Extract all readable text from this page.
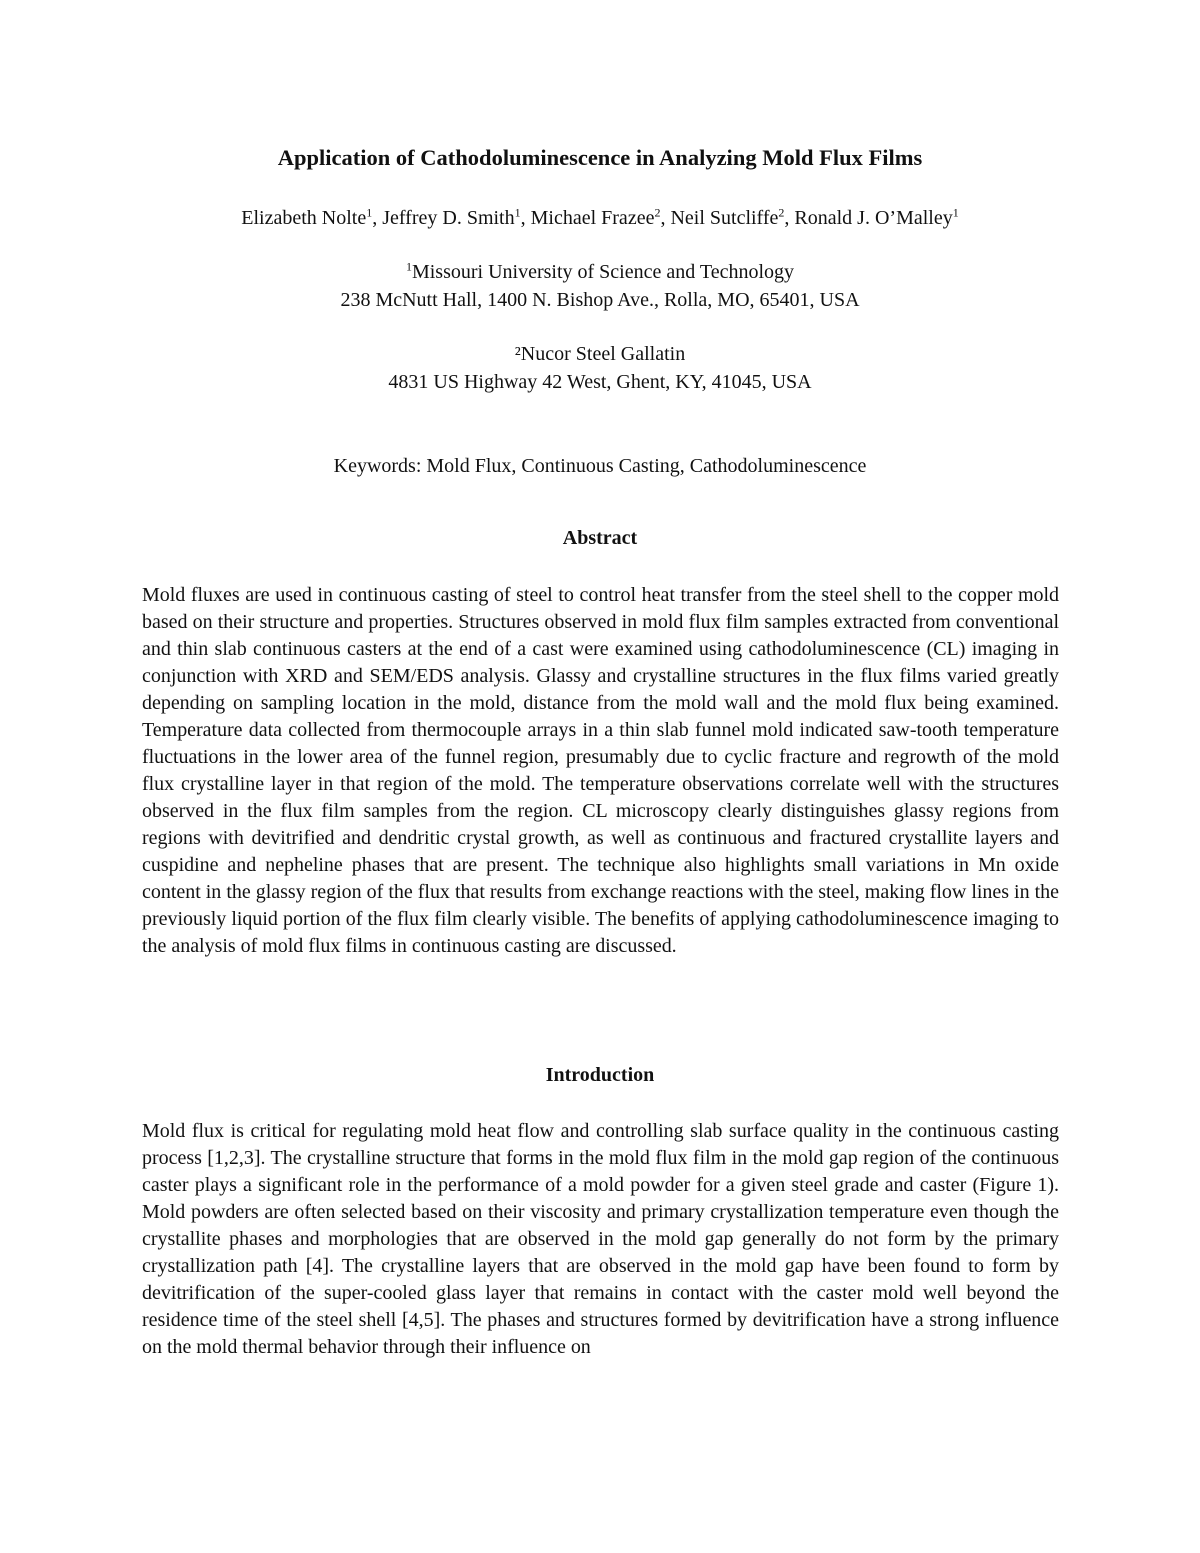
Application of Cathodoluminescence in Analyzing Mold Flux Films

Elizabeth Nolte$^1$, Jeffrey D. Smith$^1$, Michael Frazee$^2$, Neil Sutcliffe$^2$, Ronald J. O’Malley$^1$

$^1$Missouri University of Science and Technology
238 McNutt Hall, 1400 N. Bishop Ave., Rolla, MO, 65401, USA
²Nucor Steel Gallatin
4831 US Highway 42 West, Ghent, KY, 41045, USA

Keywords: Mold Flux, Continuous Casting, Cathodoluminescence

Abstract

Mold fluxes are used in continuous casting of steel to control heat transfer from the steel shell to the copper mold based on their structure and properties. Structures observed in mold flux film samples extracted from conventional and thin slab continuous casters at the end of a cast were examined using cathodoluminescence (CL) imaging in conjunction with XRD and SEM/EDS analysis. Glassy and crystalline structures in the flux films varied greatly depending on sampling location in the mold, distance from the mold wall and the mold flux being examined. Temperature data collected from thermocouple arrays in a thin slab funnel mold indicated saw-tooth temperature fluctuations in the lower area of the funnel region, presumably due to cyclic fracture and regrowth of the mold flux crystalline layer in that region of the mold. The temperature observations correlate well with the structures observed in the flux film samples from the region. CL microscopy clearly distinguishes glassy regions from regions with devitrified and dendritic crystal growth, as well as continuous and fractured crystallite layers and cuspidine and nepheline phases that are present. The technique also highlights small variations in Mn oxide content in the glassy region of the flux that results from exchange reactions with the steel, making flow lines in the previously liquid portion of the flux film clearly visible. The benefits of applying cathodoluminescence imaging to the analysis of mold flux films in continuous casting are discussed.

Introduction

Mold flux is critical for regulating mold heat flow and controlling slab surface quality in the continuous casting process [1,2,3]. The crystalline structure that forms in the mold flux film in the mold gap region of the continuous caster plays a significant role in the performance of a mold powder for a given steel grade and caster (Figure 1). Mold powders are often selected based on their viscosity and primary crystallization temperature even though the crystallite phases and morphologies that are observed in the mold gap generally do not form by the primary crystallization path [4]. The crystalline layers that are observed in the mold gap have been found to form by devitrification of the super-cooled glass layer that remains in contact with the caster mold well beyond the residence time of the steel shell [4,5]. The phases and structures formed by devitrification have a strong influence on the mold thermal behavior through their influence on
